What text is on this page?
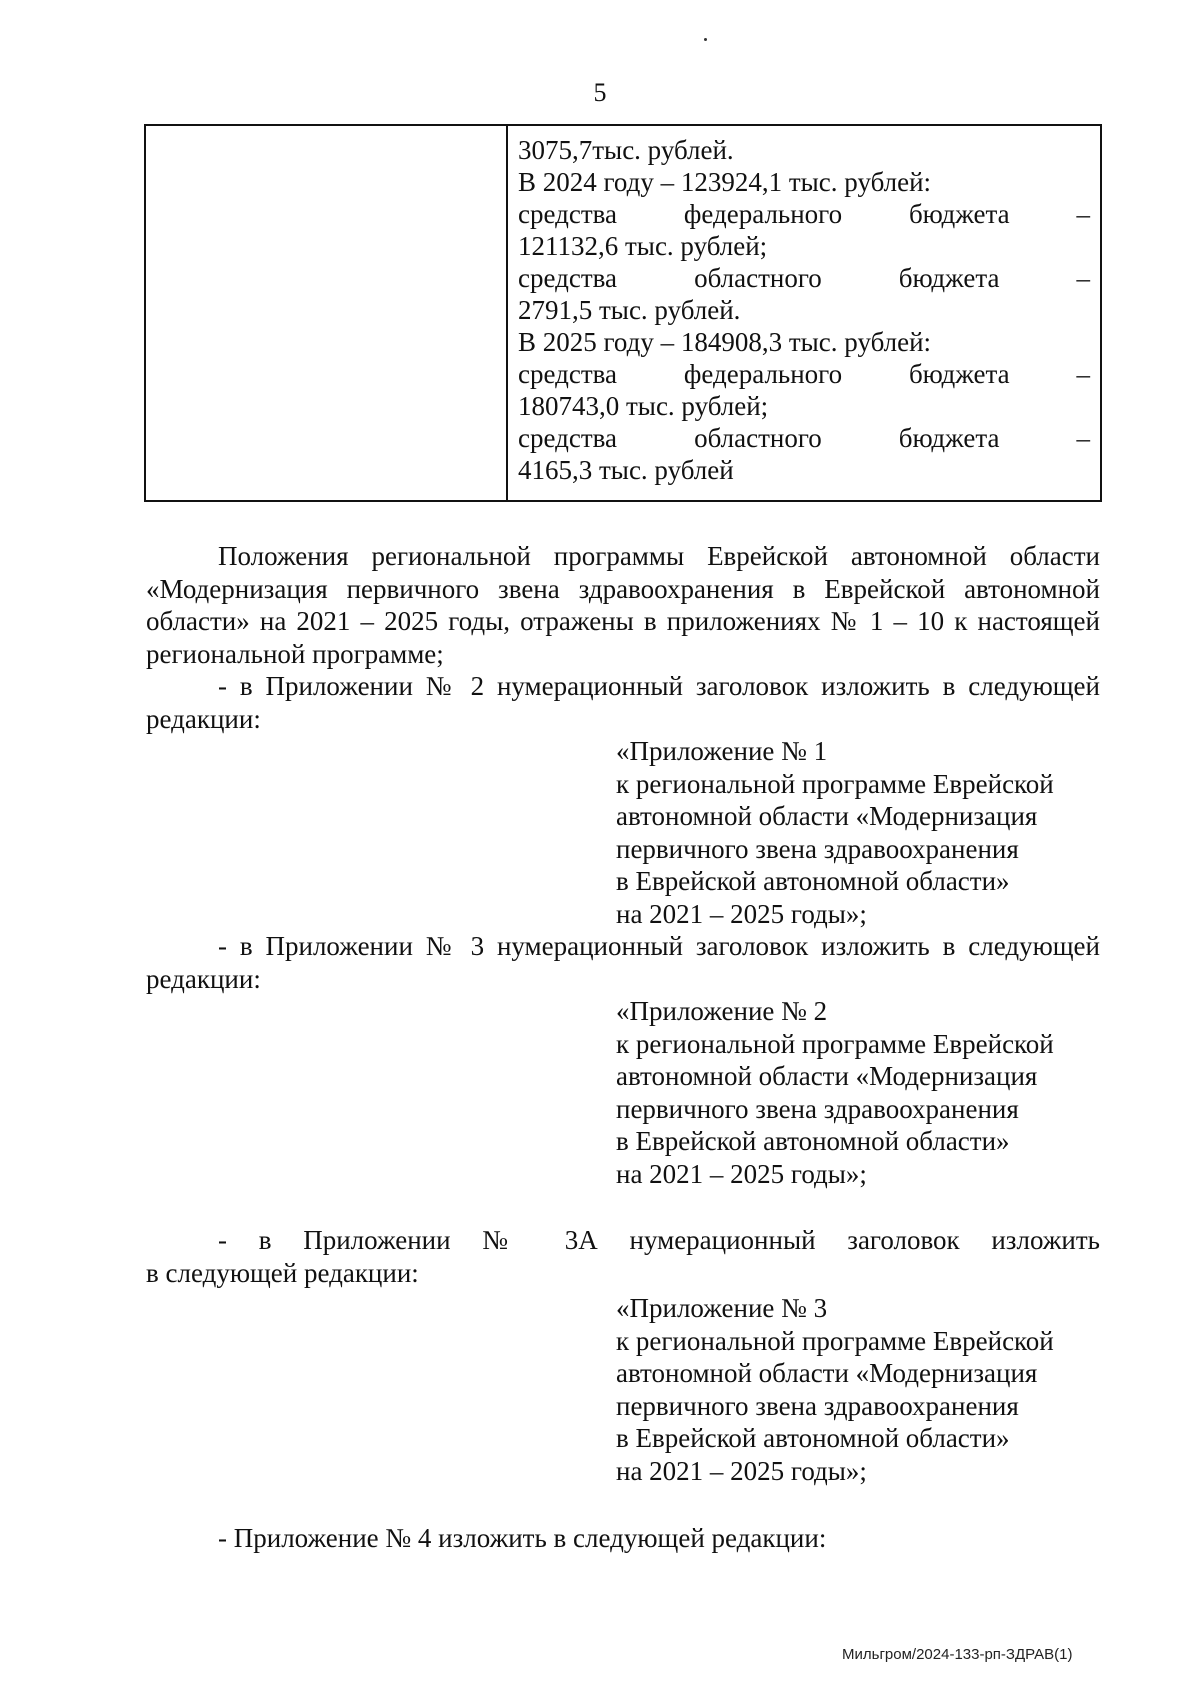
5
3075,7тыс. рублей.
В 2024 году – 123924,1 тыс. рублей:
средства федерального бюджета –
121132,6 тыс. рублей;
средства	областного	бюджета	–
2791,5 тыс. рублей.
В 2025 году – 184908,3 тыс. рублей:
средства федерального бюджета –
180743,0 тыс. рублей;
средства	областного	бюджета	–
4165,3 тыс. рублей
Положения региональной программы Еврейской автономной области «Модернизация первичного звена здравоохранения в Еврейской автономной области» на 2021 – 2025 годы, отражены в приложениях № 1 – 10 к настоящей региональной программе;
- в Приложении № 2 нумерационный заголовок изложить в следующей редакции:
«Приложение № 1
к региональной программе Еврейской
автономной области «Модернизация
первичного звена здравоохранения
в Еврейской автономной области»
на 2021 – 2025 годы»;
- в Приложении № 3 нумерационный заголовок изложить в следующей редакции:
«Приложение № 2
к региональной программе Еврейской
автономной области «Модернизация
первичного звена здравоохранения
в Еврейской автономной области»
на 2021 – 2025 годы»;
- в Приложении № 3А нумерационный заголовок изложить
в следующей редакции:
«Приложение № 3
к региональной программе Еврейской
автономной области «Модернизация
первичного звена здравоохранения
в Еврейской автономной области»
на 2021 – 2025 годы»;
- Приложение № 4 изложить в следующей редакции:
Мильгром/2024-133-рп-ЗДРАВ(1)
